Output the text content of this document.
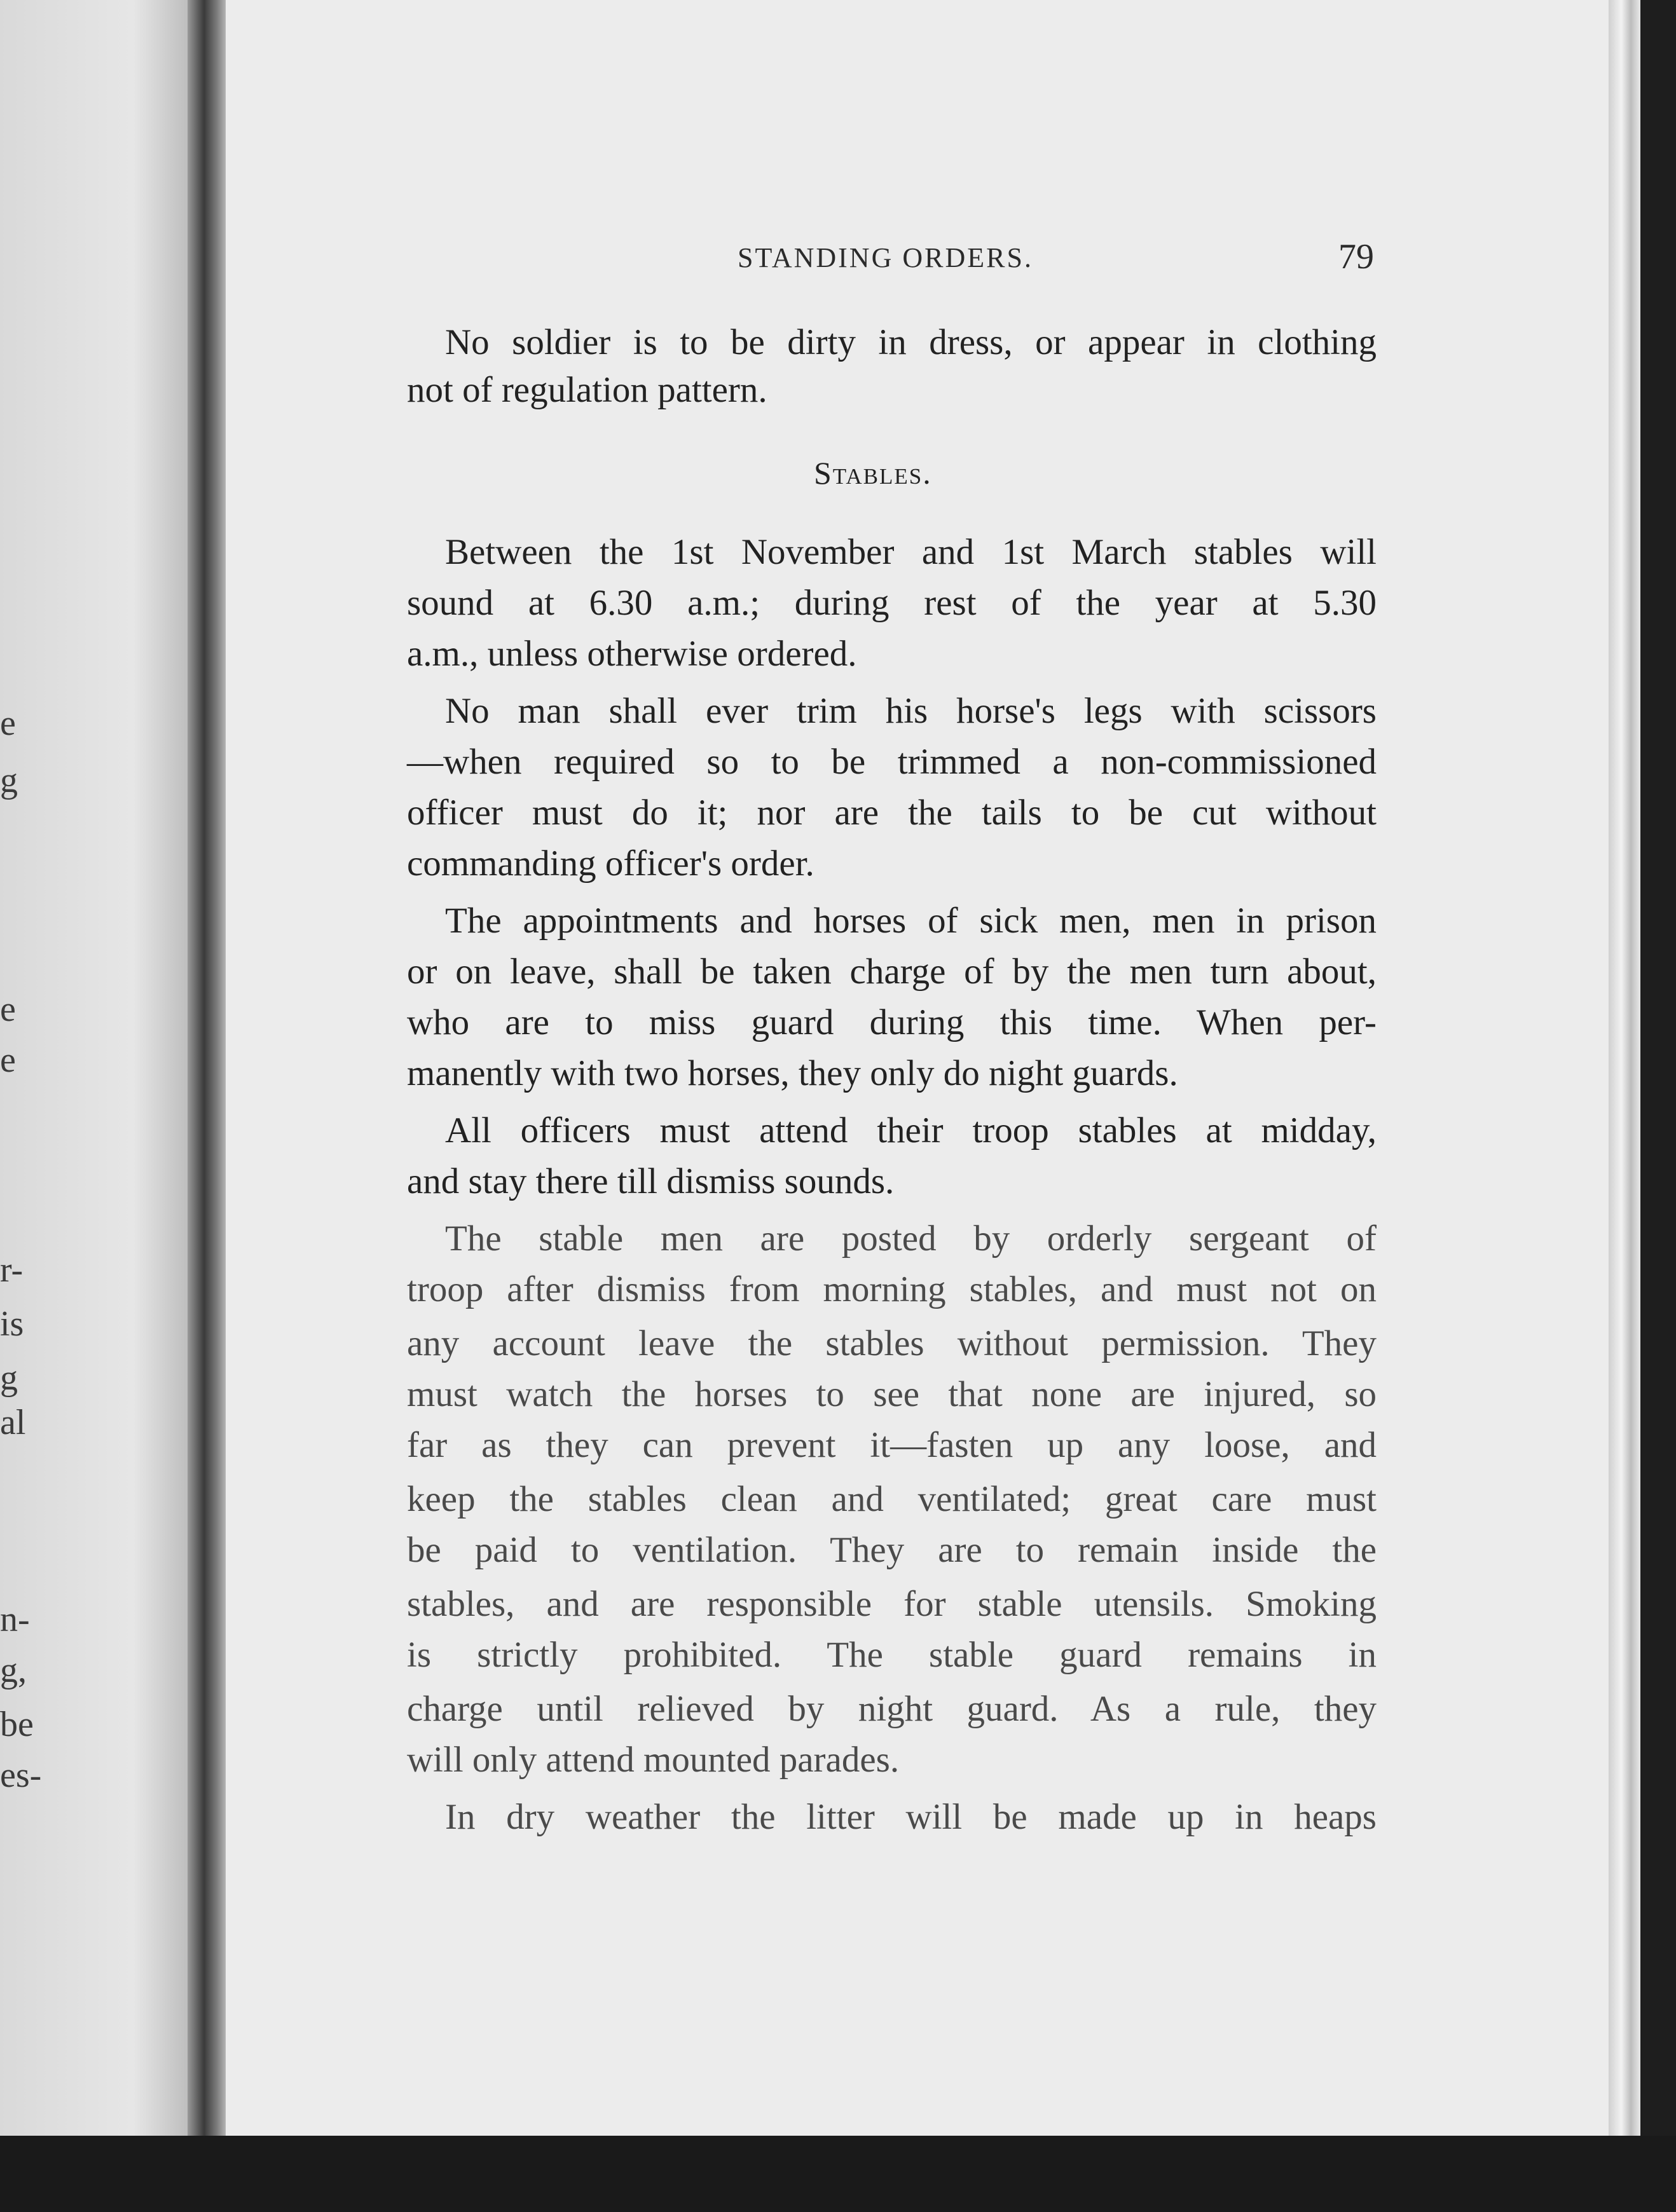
e
g
e
e
r-
is
g
al
n-
g,
be
es-
STANDING ORDERS.	79
Stables.
No soldier is to be dirty in dress, or appear in clothing
not of regulation pattern.
Between the 1st November and 1st March stables will
sound at 6.30 a.m.; during rest of the year at 5.30
a.m., unless otherwise ordered.
No man shall ever trim his horse's legs with scissors
—when required so to be trimmed a non-commissioned
officer must do it; nor are the tails to be cut without
commanding officer's order.
The appointments and horses of sick men, men in prison
or on leave, shall be taken charge of by the men turn about,
who are to miss guard during this time. When per-
manently with two horses, they only do night guards.
All officers must attend their troop stables at midday,
and stay there till dismiss sounds.
The stable men are posted by orderly sergeant of
troop after dismiss from morning stables, and must not on
any account leave the stables without permission. They
must watch the horses to see that none are injured, so
far as they can prevent it—fasten up any loose, and
keep the stables clean and ventilated; great care must
be paid to ventilation. They are to remain inside the
stables, and are responsible for stable utensils. Smoking
is strictly prohibited. The stable guard remains in
charge until relieved by night guard. As a rule, they
will only attend mounted parades.
In dry weather the litter will be made up in heaps
